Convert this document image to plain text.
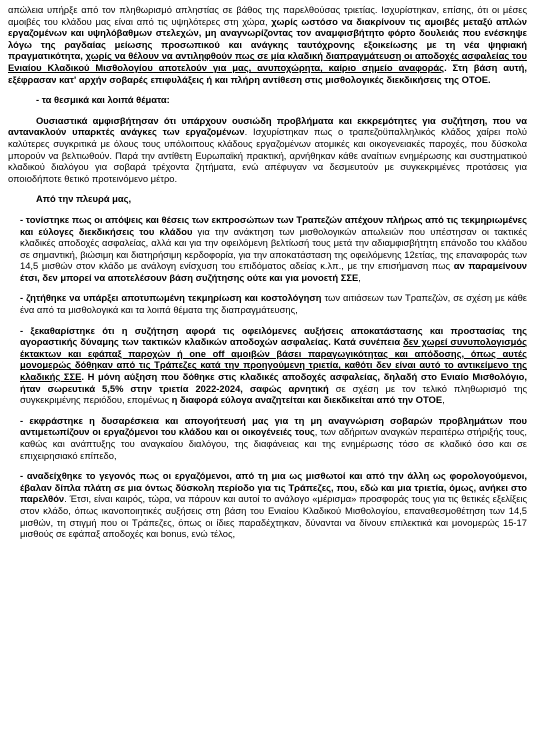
απώλεια υπήρξε από τον πληθωρισμό απληστίας σε βάθος της παρελθούσας τριετίας. Ισχυρίστηκαν, επίσης, ότι οι μέσες αμοιβές του κλάδου μας είναι από τις υψηλότερες στη χώρα, χωρίς ωστόσο να διακρίνουν τις αμοιβές μεταξύ απλών εργαζομένων και υψηλόβαθμων στελεχών, μη αναγνωρίζοντας τον αναμφισβήτητο φόρτο δουλειάς που ενέσκηψε λόγω της ραγδαίας μείωσης προσωπικού και ανάγκης ταυτόχρονης εξοικείωσης με τη νέα ψηφιακή πραγματικότητα, χωρίς να θέλουν να αντιληφθούν πως σε μία κλαδική διαπραγμάτευση οι αποδοχές ασφαλείας του Ενιαίου Κλαδικού Μισθολογίου αποτελούν για μας, ανυποχώρητα, καίριο σημείο αναφοράς. Στη βάση αυτή, εξέφρασαν κατ' αρχήν σοβαρές επιφυλάξεις ή και πλήρη αντίθεση στις μισθολογικές διεκδικήσεις της ΟΤΟΕ.

- τα θεσμικά και λοιπά θέματα:

Ουσιαστικά αμφισβήτησαν ότι υπάρχουν ουσιώδη προβλήματα και εκκρεμότητες για συζήτηση, που να αντανακλούν υπαρκτές ανάγκες των εργαζομένων. Ισχυρίστηκαν πως ο τραπεζοϋπαλληλικός κλάδος χαίρει πολύ καλύτερες συγκριτικά με όλους τους υπόλοιπους κλάδους εργαζομένων ατομικές και οικογενειακές παροχές, που δύσκολα μπορούν να βελτιωθούν. Παρά την αντίθετη Ευρωπαϊκή πρακτική, αρνήθηκαν κάθε αναίτιων ενημέρωσης και συστηματικού κλαδικού διαλόγου για σοβαρά τρέχοντα ζητήματα, ενώ απέφυγαν να δεσμευτούν με συγκεκριμένες προτάσεις για οποιοδήποτε θετικό προτεινόμενο μέτρο.

Από την πλευρά μας,

- τονίστηκε πως οι απόψεις και θέσεις των εκπροσώπων των Τραπεζών απέχουν πλήρως από τις τεκμηριωμένες και εύλογες διεκδικήσεις του κλάδου για την ανάκτηση των μισθολογικών απωλειών που υπέστησαν οι τακτικές κλαδικές αποδοχές ασφαλείας, αλλά και για την οφειλόμενη βελτίωσή τους μετά την αδιαμφισβήτητη επάνοδο του κλάδου σε σημαντική, βιώσιμη και διατηρήσιμη κερδοφορία, για την αποκατάσταση της οφειλόμενης 12ετίας, της επαναφοράς των 14,5 μισθών στον κλάδο με ανάλογη ενίσχυση του επιδόματος αδείας κ.λπ., με την επισήμανση πως αν παραμείνουν έτσι, δεν μπορεί να αποτελέσουν βάση συζήτησης ούτε και για μονοετή ΣΣΕ,

- ζητήθηκε να υπάρξει αποτυπωμένη τεκμηρίωση και κοστολόγηση των αιτιάσεων των Τραπεζών, σε σχέση με κάθε ένα από τα μισθολογικά και τα λοιπά θέματα της διαπραγμάτευσης,

- ξεκαθαρίστηκε ότι η συζήτηση αφορά τις οφειλόμενες αυξήσεις αποκατάστασης και προστασίας της αγοραστικής δύναμης των τακτικών κλαδικών αποδοχών ασφαλείας. Κατά συνέπεια δεν χωρεί συνυπολογισμός έκτακτων και εφάπαξ παροχών ή one off αμοιβών βάσει παραγωγικότητας και απόδοσης, όπως αυτές μονομερώς δόθηκαν από τις Τράπεζες κατά την προηγούμενη τριετία, καθότι δεν είναι αυτό το αντικείμενο της κλαδικής ΣΣΕ. Η μόνη αύξηση που δόθηκε στις κλαδικές αποδοχές ασφαλείας, δηλαδή στο Ενιαίο Μισθολόγιο, ήταν σωρευτικά 5,5% στην τριετία 2022-2024, σαφώς αρνητική σε σχέση με τον τελικό πληθωρισμό της συγκεκριμένης περιόδου, επομένως η διαφορά εύλογα αναζητείται και διεκδικείται από την ΟΤΟΕ,

- εκφράστηκε η δυσαρέσκεια και απογοήτευσή μας για τη μη αναγνώριση σοβαρών προβλημάτων που αντιμετωπίζουν οι εργαζόμενοι του κλάδου και οι οικογένειές τους, των αδήριτων αναγκών περαιτέρω στήριξής τους, καθώς και ανάπτυξης του αναγκαίου διαλόγου, της διαφάνειας και της ενημέρωσης τόσο σε κλαδικό όσο και σε επιχειρησιακό επίπεδο,

- αναδείχθηκε το γεγονός πως οι εργαζόμενοι, από τη μια ως μισθωτοί και από την άλλη ως φορολογούμενοι, έβαλαν δίπλα πλάτη σε μια όντως δύσκολη περίοδο για τις Τράπεζες, που, εδώ και μια τριετία, όμως, ανήκει στο παρελθόν. Έτσι, είναι καιρός, τώρα, να πάρουν και αυτοί το ανάλογο «μέρισμα» προσφοράς τους για τις θετικές εξελίξεις στον κλάδο, όπως ικανοποιητικές αυξήσεις στη βάση του Ενιαίου Κλαδικού Μισθολογίου, επαναθεσμοθέτηση των 14,5 μισθών, τη στιγμή που οι Τράπεζες, όπως οι ίδιες παραδέχτηκαν, δύνανται να δίνουν επιλεκτικά και μονομερώς 15-17 μισθούς σε εφάπαξ αποδοχές και bonus, ενώ τέλος,
